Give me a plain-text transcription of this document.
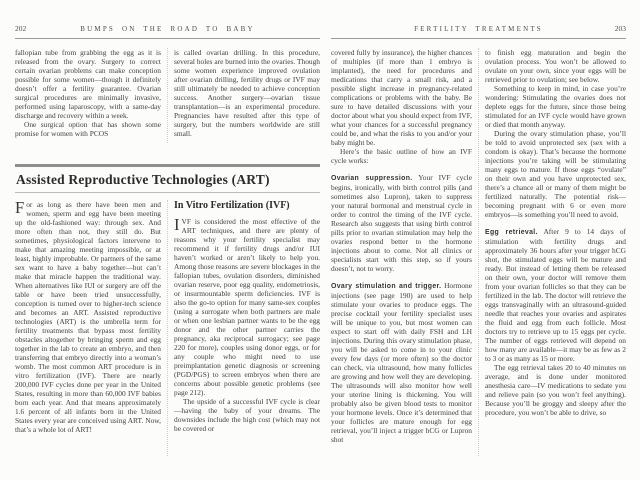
202	BUMPS ON THE ROAD TO BABY

fallopian tube from grabbing the egg as it is released from the ovary. Surgery to correct certain ovarian problems can make conception possible for some women—though it definitely doesn’t offer a fertility guarantee. Ovarian surgical procedures are minimally invasive, performed using laparoscopy, with a same-day discharge and recovery within a week.

One surgical option that has shown some promise for women with PCOS

is called ovarian drilling. In this procedure, several holes are burned into the ovaries. Though some women experience improved ovulation after ovarian drilling, fertility drugs or IVF may still ultimately be needed to achieve conception success. Another surgery—ovarian tissue transplantation—is an experimental procedure. Pregnancies have resulted after this type of surgery, but the numbers worldwide are still small.

Assisted Reproductive Technologies (ART)

For as long as there have been men and women, sperm and egg have been meeting up the old-fashioned way: through sex. And more often than not, they still do. But sometimes, physiological factors intervene to make that amazing meeting impossible, or at least, highly improbable. Or partners of the same sex want to have a baby together—but can’t make that miracle happen the traditional way. When alternatives like IUI or surgery are off the table or have been tried unsuccessfully, conception is turned over to higher-tech science and becomes an ART. Assisted reproductive technologies (ART) is the umbrella term for fertility treatments that bypass most fertility obstacles altogether by bringing sperm and egg together in the lab to create an embryo, and then transferring that embryo directly into a woman’s womb. The most common ART procedure is in vitro fertilization (IVF). There are nearly 200,000 IVF cycles done per year in the United States, resulting in more than 60,000 IVF babies born each year. And that means approximately 1.6 percent of all infants born in the United States every year are conceived using ART. Now, that’s a whole lot of ART!

In Vitro Fertilization (IVF)

IVF is considered the most effective of the ART techniques, and there are plenty of reasons why your fertility specialist may recommend it if fertility drugs and/or IUI haven’t worked or aren’t likely to help you. Among those reasons are severe blockages in the fallopian tubes, ovulation disorders, diminished ovarian reserve, poor egg quality, endometriosis, or insurmountable sperm deficiencies. IVF is also the go-to option for many same-sex couples (using a surrogate when both partners are male or when one lesbian partner wants to be the egg donor and the other partner carries the pregnancy, aka reciprocal surrogacy; see page 220 for more), couples using donor eggs, or for any couple who might need to use preimplantation genetic diagnosis or screening (PGD/PGS) to screen embryos when there are concerns about possible genetic problems (see page 212).

The upside of a successful IVF cycle is clear—having the baby of your dreams. The downsides include the high cost (which may not be covered or

FERTILITY TREATMENTS	203

covered fully by insurance), the higher chances of multiples (if more than 1 embryo is implanted), the need for procedures and medications that carry a small risk, and a possible slight increase in pregnancy-related complications or problems with the baby. Be sure to have detailed discussions with your doctor about what you should expect from IVF, what your chances for a successful pregnancy could be, and what the risks to you and/or your baby might be.

Here’s the basic outline of how an IVF cycle works:

Ovarian suppression. Your IVF cycle begins, ironically, with birth control pills (and sometimes also Lupron), taken to suppress your natural hormonal and menstrual cycle in order to control the timing of the IVF cycle. Research also suggests that using birth control pills prior to ovarian stimulation may help the ovaries respond better to the hormone injections about to come. Not all clinics or specialists start with this step, so if yours doesn’t, not to worry.

Ovary stimulation and trigger. Hormone injections (see page 190) are used to help stimulate your ovaries to produce eggs. The precise cocktail your fertility specialist uses will be unique to you, but most women can expect to start off with daily FSH and LH injections. During this ovary stimulation phase, you will be asked to come in to your clinic every few days (or more often) so the doctor can check, via ultrasound, how many follicles are growing and how well they are developing. The ultrasounds will also monitor how well your uterine lining is thickening. You will probably also be given blood tests to monitor your hormone levels. Once it’s determined that your follicles are mature enough for egg retrieval, you’ll inject a trigger hCG or Lupron shot

to finish egg maturation and begin the ovulation process. You won’t be allowed to ovulate on your own, since your eggs will be retrieved prior to ovulation; see below.

Something to keep in mind, in case you’re wondering: Stimulating the ovaries does not deplete eggs for the future, since those being stimulated for an IVF cycle would have grown or died that month anyway.

During the ovary stimulation phase, you’ll be told to avoid unprotected sex (sex with a condom is okay). That’s because the hormone injections you’re taking will be stimulating many eggs to mature. If those eggs “ovulate” on their own and you have unprotected sex, there’s a chance all or many of them might be fertilized naturally. The potential risk—becoming pregnant with 6 or even more embryos—is something you’ll need to avoid.

Egg retrieval. After 9 to 14 days of stimulation with fertility drugs and approximately 36 hours after your trigger hCG shot, the stimulated eggs will be mature and ready. But instead of letting them be released on their own, your doctor will remove them from your ovarian follicles so that they can be fertilized in the lab. The doctor will retrieve the eggs transvaginally with an ultrasound-guided needle that reaches your ovaries and aspirates the fluid and egg from each follicle. Most doctors try to retrieve up to 15 eggs per cycle. The number of eggs retrieved will depend on how many are available—it may be as few as 2 to 3 or as many as 15 or more.

The egg retrieval takes 20 to 40 minutes on average, and is done under monitored anesthesia care—IV medications to sedate you and relieve pain (so you won’t feel anything). Because you’ll be groggy and sleepy after the procedure, you won’t be able to drive, so
